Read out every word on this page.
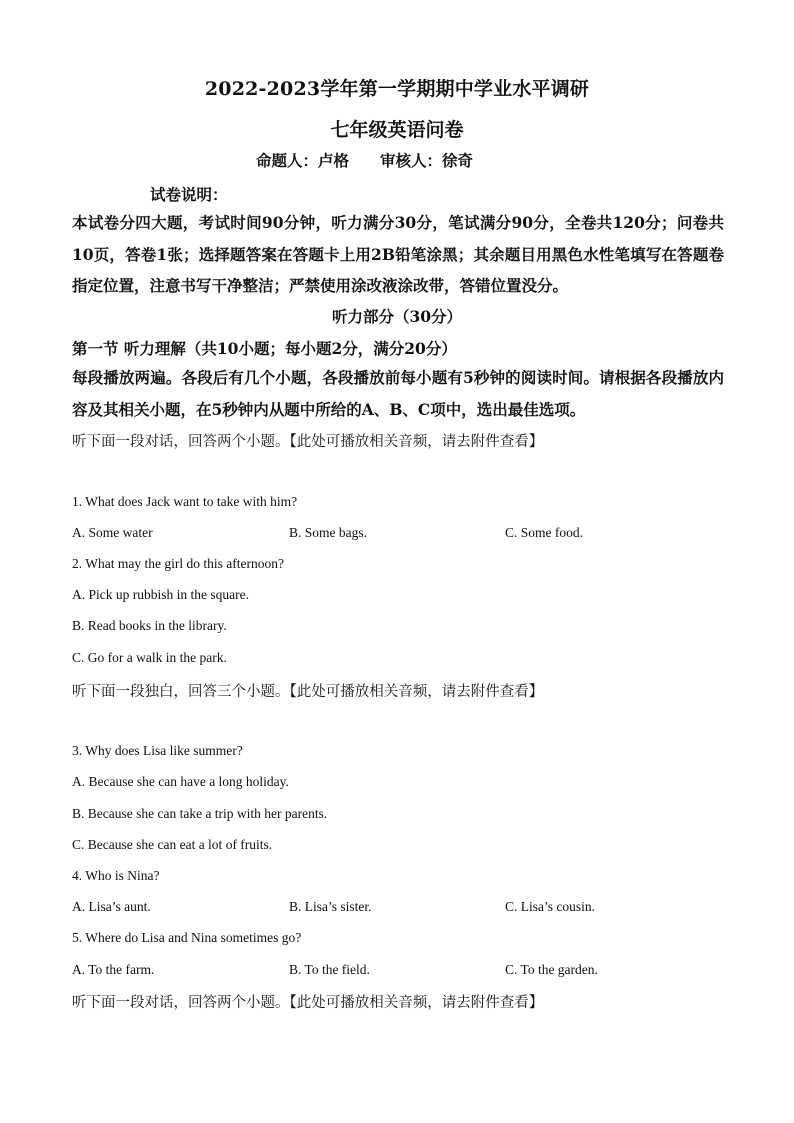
2022-2023学年第一学期期中学业水平调研
七年级英语问卷
命题人：卢格　　审核人：徐奇
试卷说明：
本试卷分四大题，考试时间90分钟，听力满分30分，笔试满分90分，全卷共120分；问卷共10页，答卷1张；选择题答案在答题卡上用2B铅笔涂黑；其余题目用黑色水性笔填写在答题卷指定位置，注意书写干净整洁；严禁使用涂改液涂改带，答错位置没分。
听力部分（30分）
第一节 听力理解（共10小题；每小题2分，满分20分）
每段播放两遍。各段后有几个小题，各段播放前每小题有5秒钟的阅读时间。请根据各段播放内容及其相关小题，在5秒钟内从题中所给的A、B、C项中，选出最佳选项。
听下面一段对话，回答两个小题。【此处可播放相关音频，请去附件查看】
1. What does Jack want to take with him?
A. Some water	B. Some bags.	C. Some food.
2. What may the girl do this afternoon?
A. Pick up rubbish in the square.
B. Read books in the library.
C. Go for a walk in the park.
听下面一段独白，回答三个小题。【此处可播放相关音频，请去附件查看】
3. Why does Lisa like summer?
A. Because she can have a long holiday.
B. Because she can take a trip with her parents.
C. Because she can eat a lot of fruits.
4. Who is Nina?
A. Lisa’s aunt.	B. Lisa’s sister.	C. Lisa’s cousin.
5. Where do Lisa and Nina sometimes go?
A. To the farm.	B. To the field.	C. To the garden.
听下面一段对话，回答两个小题。【此处可播放相关音频，请去附件查看】
